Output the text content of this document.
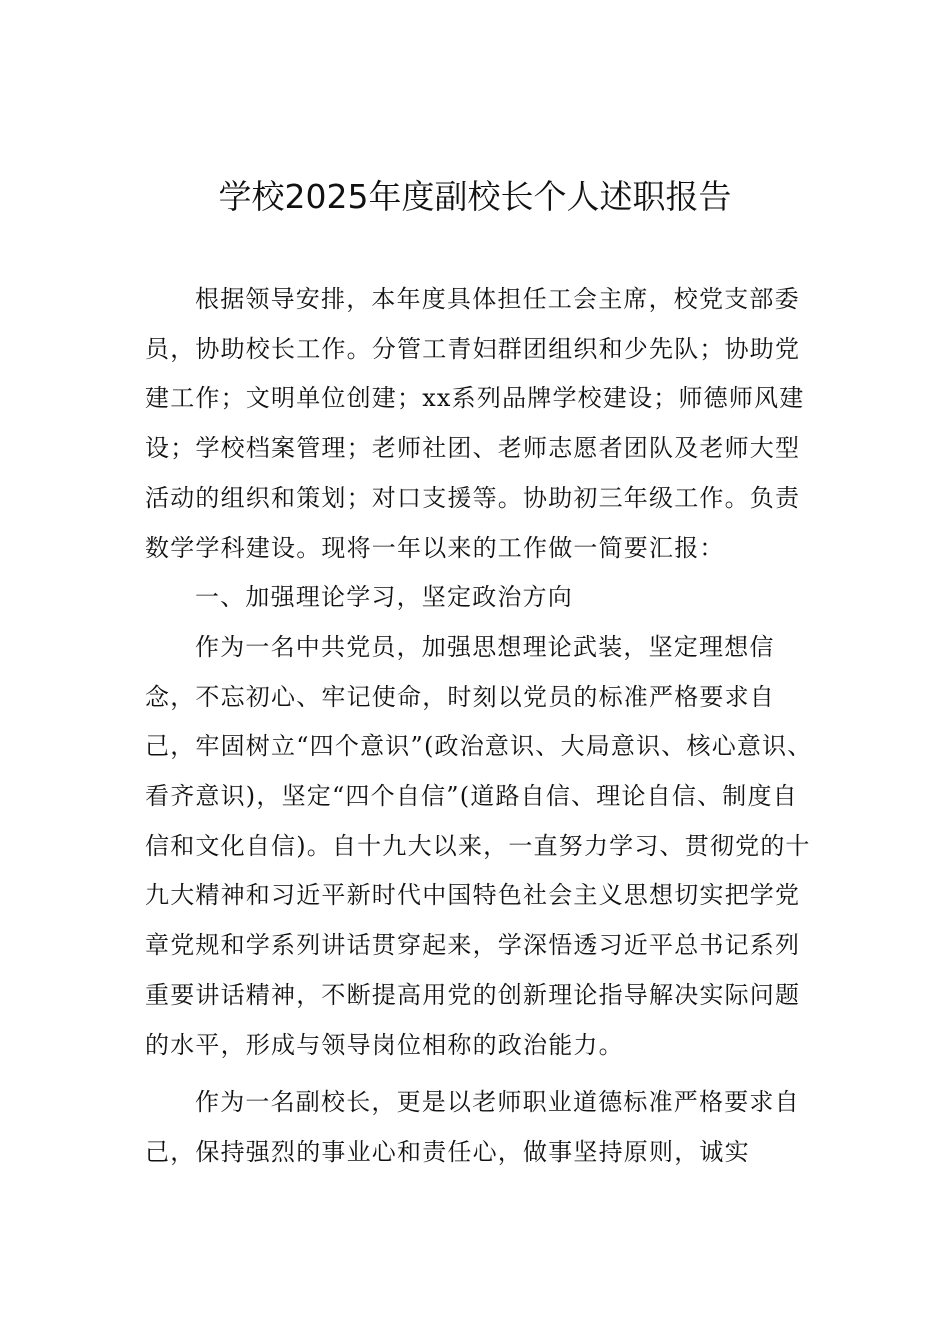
学校2025年度副校长个人述职报告

根据领导安排，本年度具体担任工会主席，校党支部委员，协助校长工作。分管工青妇群团组织和少先队；协助党建工作；文明单位创建；xx系列品牌学校建设；师德师风建设；学校档案管理；老师社团、老师志愿者团队及老师大型活动的组织和策划；对口支援等。协助初三年级工作。负责数学学科建设。现将一年以来的工作做一简要汇报：

一、加强理论学习，坚定政治方向

作为一名中共党员，加强思想理论武装，坚定理想信念，不忘初心、牢记使命，时刻以党员的标准严格要求自己，牢固树立“四个意识”(政治意识、大局意识、核心意识、看齐意识)，坚定“四个自信”(道路自信、理论自信、制度自信和文化自信)。自十九大以来，一直努力学习、贯彻党的十九大精神和习近平新时代中国特色社会主义思想切实把学党章党规和学系列讲话贯穿起来，学深悟透习近平总书记系列重要讲话精神，不断提高用党的创新理论指导解决实际问题的水平，形成与领导岗位相称的政治能力。

作为一名副校长，更是以老师职业道德标准严格要求自己，保持强烈的事业心和责任心，做事坚持原则，诚实
